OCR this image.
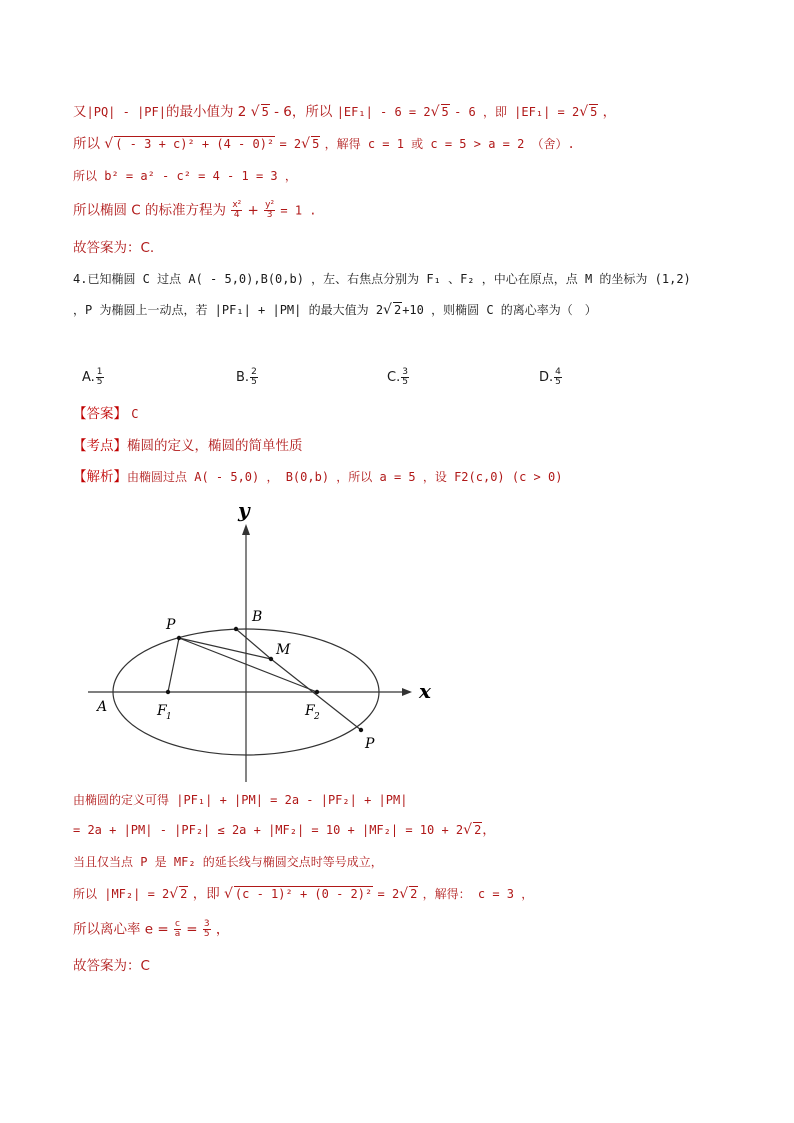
又|PQ| - |PF|的最小值为 2 √ 5 - 6，所以 |EF₁| - 6 = 2√ 5 - 6 ，即 |EF₁| = 2√ 5 ，
所以 √ ( - 3 + c)² + (4 - 0)² = 2√ 5 ，解得 c = 1 或 c = 5 > a = 2 （舍）.
所以 b² = a² - c² = 4 - 1 = 3 ，
所以椭圆 C 的标准方程为 $\frac{\text{x²}}{4} + \frac{\text{y²}}{3} = 1$ .
故答案为：C.
4.已知椭圆 C 过点 A( - 5,0),B(0,b) ，左、右焦点分别为 F₁ 、F₂ ，中心在原点，点 M 的坐标为 (1,2)
，P 为椭圆上一动点，若 |PF₁| + |PM| 的最大值为 2√ 2+10 ，则椭圆 C 的离心率为（　）
A. $\frac{1}{5}$	B. $\frac{2}{5}$	C. $\frac{3}{5}$	D. $\frac{4}{5}$
【答案】 C
【考点】椭圆的定义，椭圆的简单性质
【解析】由椭圆过点 A( - 5,0) ， B(0,b) ，所以 a = 5 ，设 F2(c,0) (c > 0)
y
x
P	B
M
A	F 1	F 2
P
由椭圆的定义可得 |PF₁| + |PM| = 2a - |PF₂| + |PM|
= 2a + |PM| - |PF₂| ≤ 2a + |MF₂| = 10 + |MF₂| = 10 + 2√ 2，
当且仅当点 P 是 MF₂ 的延长线与椭圆交点时等号成立，
所以 |MF₂| = 2√ 2 ，即 √ (c - 1)² + (0 - 2)² = 2√ 2 ，解得： c = 3 ，
所以离心率 $e = \frac{c}{a} = \frac{3}{5}$ ，
故答案为：C
